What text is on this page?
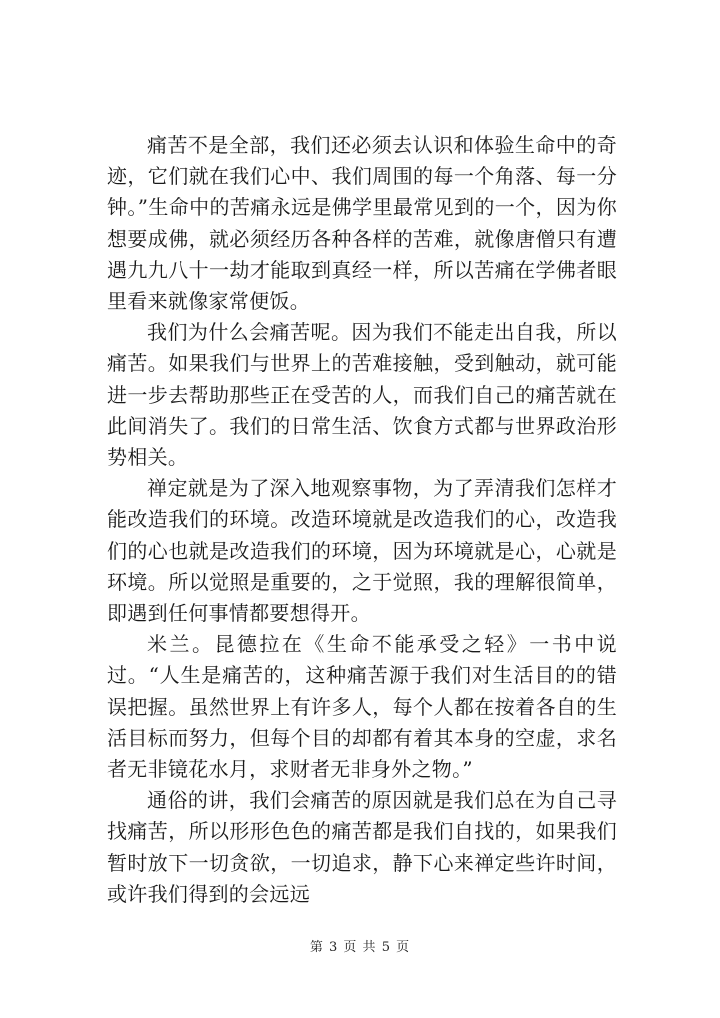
痛苦不是全部，我们还必须去认识和体验生命中的奇迹，它们就在我们心中、我们周围的每一个角落、每一分钟。”生命中的苦痛永远是佛学里最常见到的一个，因为你想要成佛，就必须经历各种各样的苦难，就像唐僧只有遭遇九九八十一劫才能取到真经一样，所以苦痛在学佛者眼里看来就像家常便饭。

我们为什么会痛苦呢。因为我们不能走出自我，所以痛苦。如果我们与世界上的苦难接触，受到触动，就可能进一步去帮助那些正在受苦的人，而我们自己的痛苦就在此间消失了。我们的日常生活、饮食方式都与世界政治形势相关。

禅定就是为了深入地观察事物，为了弄清我们怎样才能改造我们的环境。改造环境就是改造我们的心，改造我们的心也就是改造我们的环境，因为环境就是心，心就是环境。所以觉照是重要的，之于觉照，我的理解很简单，即遇到任何事情都要想得开。

米兰。昆德拉在《生命不能承受之轻》一书中说过。“人生是痛苦的，这种痛苦源于我们对生活目的的错误把握。虽然世界上有许多人，每个人都在按着各自的生活目标而努力，但每个目的却都有着其本身的空虚，求名者无非镜花水月，求财者无非身外之物。”

通俗的讲，我们会痛苦的原因就是我们总在为自己寻找痛苦，所以形形色色的痛苦都是我们自找的，如果我们暂时放下一切贪欲，一切追求，静下心来禅定些许时间，或许我们得到的会远远

第 3 页 共 5 页
